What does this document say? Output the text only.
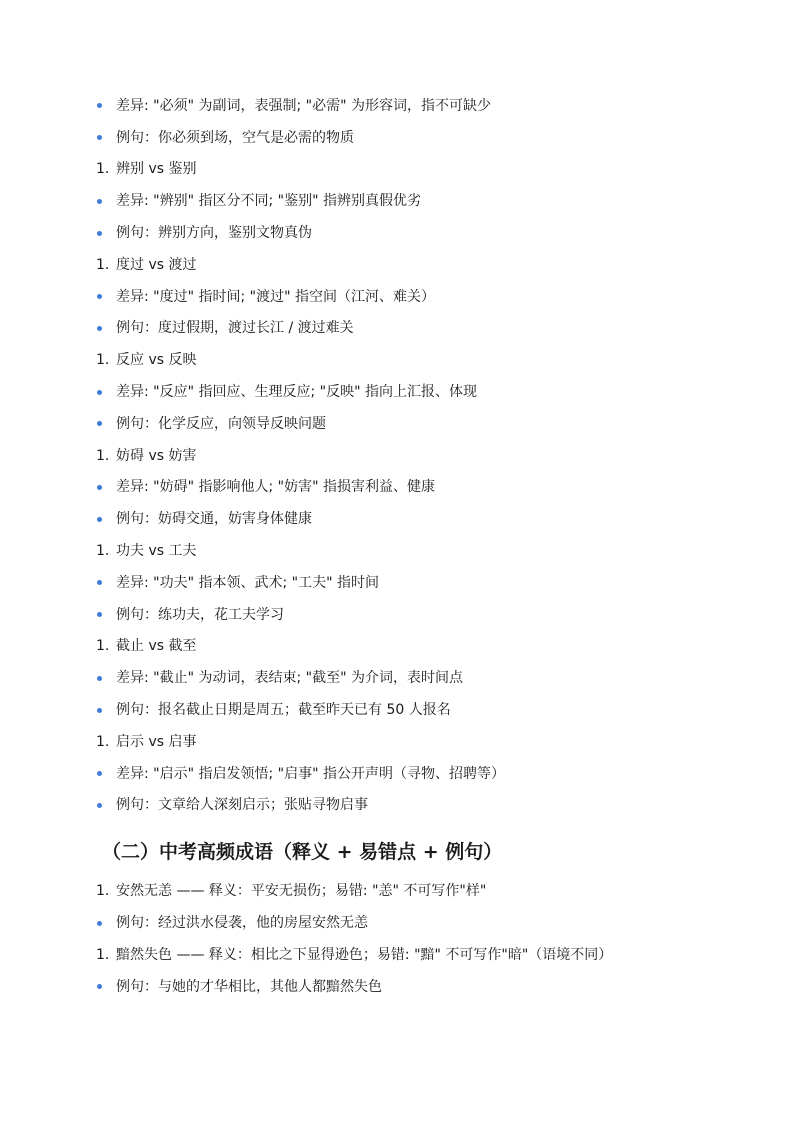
差异: "必须" 为副词，表强制; "必需" 为形容词，指不可缺少
例句：你必须到场，空气是必需的物质
1. 辨别 vs 鉴别
差异: "辨别" 指区分不同; "鉴别" 指辨别真假优劣
例句：辨别方向，鉴别文物真伪
1. 度过 vs 渡过
差异: "度过" 指时间; "渡过" 指空间（江河、难关）
例句：度过假期，渡过长江 / 渡过难关
1. 反应 vs 反映
差异: "反应" 指回应、生理反应; "反映" 指向上汇报、体现
例句：化学反应，向领导反映问题
1. 妨碍 vs 妨害
差异: "妨碍" 指影响他人; "妨害" 指损害利益、健康
例句：妨碍交通，妨害身体健康
1. 功夫 vs 工夫
差异: "功夫" 指本领、武术; "工夫" 指时间
例句：练功夫，花工夫学习
1. 截止 vs 截至
差异: "截止" 为动词，表结束; "截至" 为介词，表时间点
例句：报名截止日期是周五；截至昨天已有 50 人报名
1. 启示 vs 启事
差异: "启示" 指启发领悟; "启事" 指公开声明（寻物、招聘等）
例句：文章给人深刻启示；张贴寻物启事
（二）中考高频成语（释义 + 易错点 + 例句）
1. 安然无恙 —— 释义：平安无损伤；易错: "恙" 不可写作"样"
例句：经过洪水侵袭，他的房屋安然无恙
1. 黯然失色 —— 释义：相比之下显得逊色；易错: "黯" 不可写作"暗"（语境不同）
例句：与她的才华相比，其他人都黯然失色
